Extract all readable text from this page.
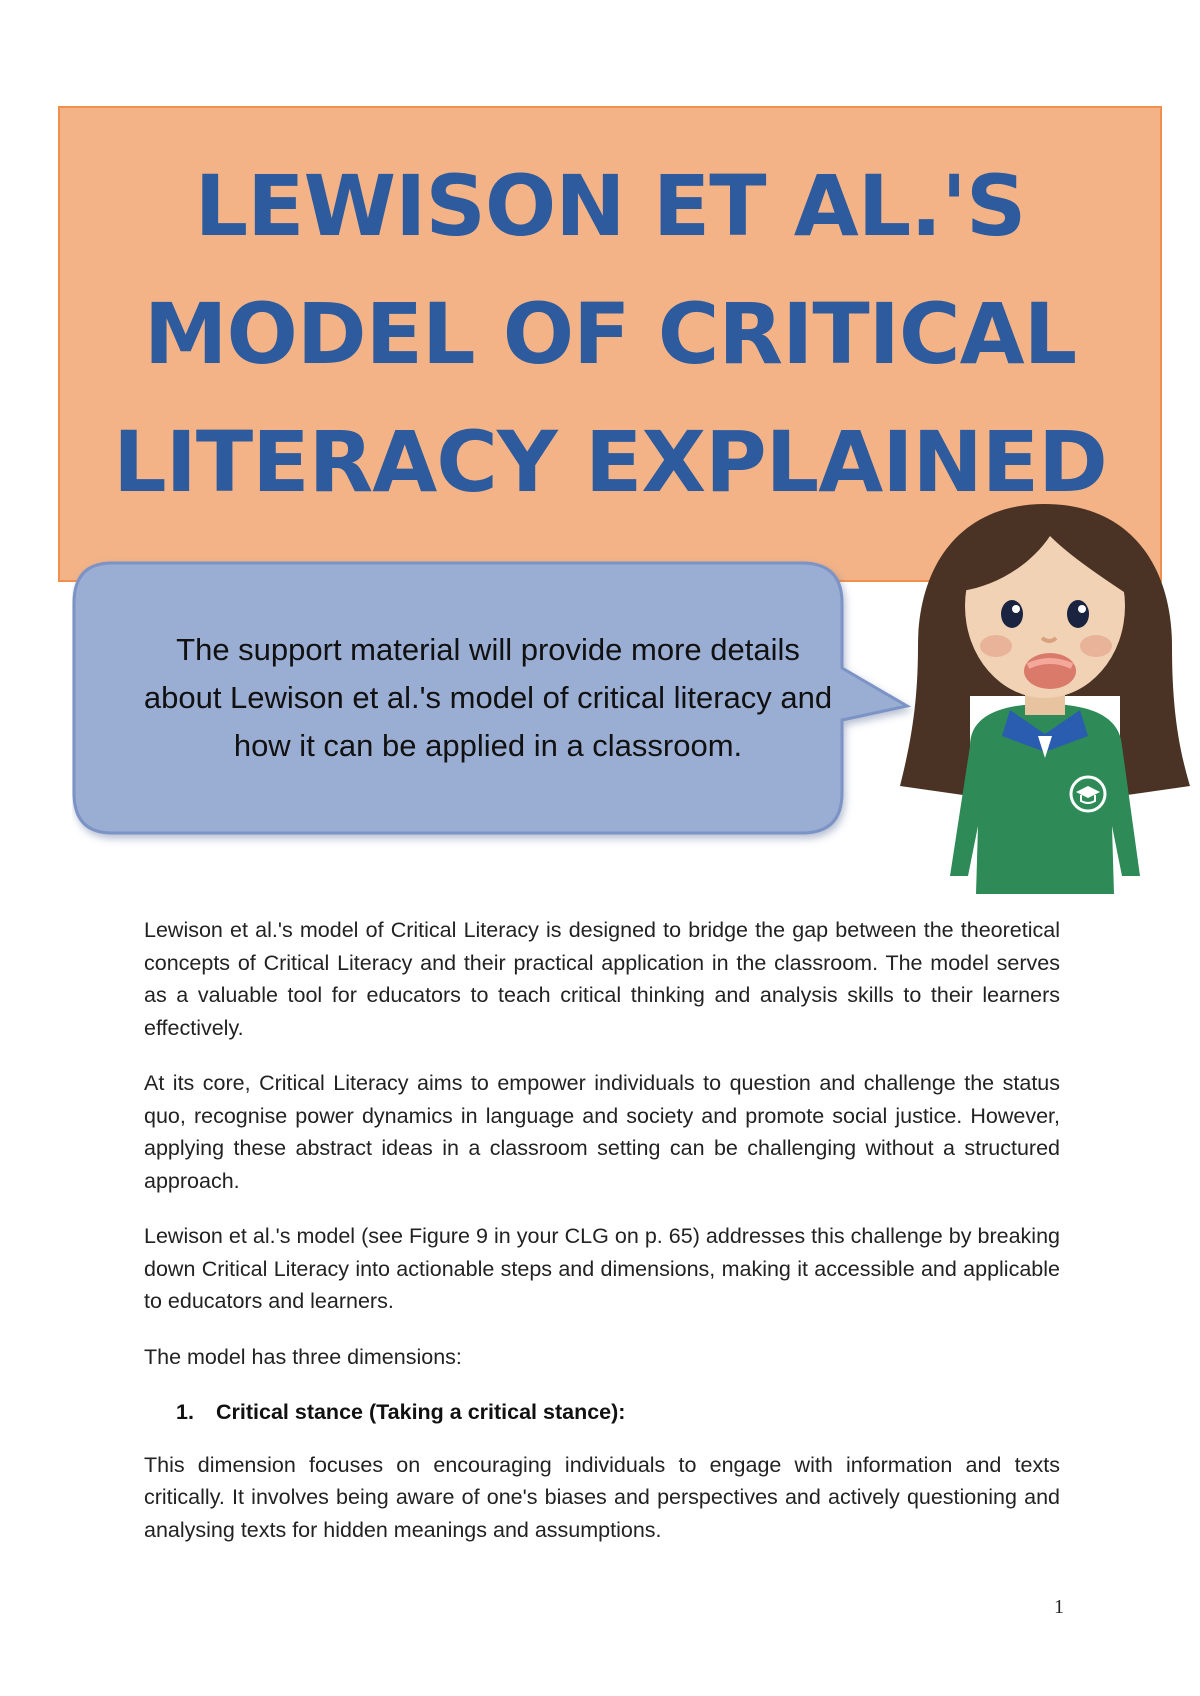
LEWISON ET AL.'S
MODEL OF CRITICAL
LITERACY EXPLAINED
The support material will provide more details
about Lewison et al.'s model of critical literacy and
how it can be applied in a classroom.

Lewison et al.'s model of Critical Literacy is designed to bridge the gap between the theoretical concepts of Critical Literacy and their practical application in the classroom. The model serves as a valuable tool for educators to teach critical thinking and analysis skills to their learners effectively.

At its core, Critical Literacy aims to empower individuals to question and challenge the status quo, recognise power dynamics in language and society and promote social justice. However, applying these abstract ideas in a classroom setting can be challenging without a structured approach.

Lewison et al.'s model (see Figure 9 in your CLG on p. 65) addresses this challenge by breaking down Critical Literacy into actionable steps and dimensions, making it accessible and applicable to educators and learners.

The model has three dimensions:

1. Critical stance (Taking a critical stance):

This dimension focuses on encouraging individuals to engage with information and texts critically. It involves being aware of one's biases and perspectives and actively questioning and analysing texts for hidden meanings and assumptions.

1
